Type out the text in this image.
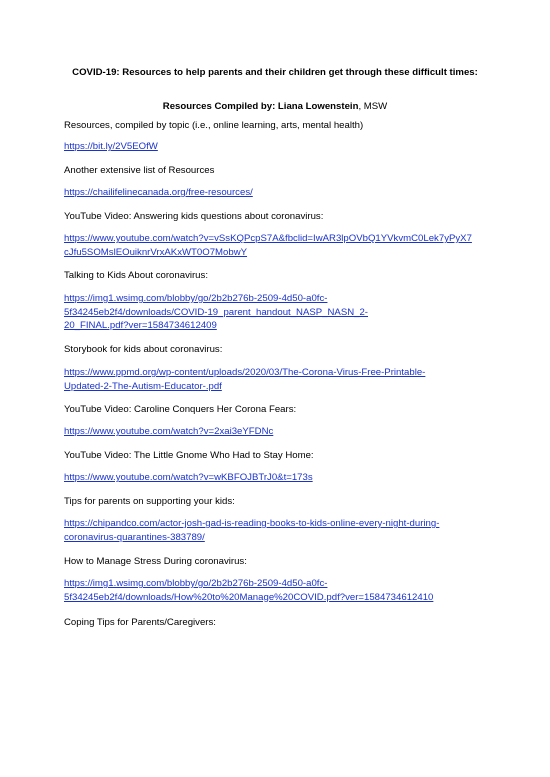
COVID-19: Resources to help parents and their children get through these difficult times:
Resources Compiled by: Liana Lowenstein, MSW
Resources, compiled by topic (i.e., online learning, arts, mental health)
https://bit.ly/2V5EOfW
Another extensive list of Resources
https://chailifelinecanada.org/free-resources/
YouTube Video: Answering kids questions about coronavirus:
https://www.youtube.com/watch?v=vSsKQPcpS7A&fbclid=IwAR3lpOVbQ1YVkvmC0Lek7yPyX7
cJfu5SOMslEOuiknrVrxAKxWT0O7MobwY
Talking to Kids About coronavirus:
https://img1.wsimg.com/blobby/go/2b2b276b-2509-4d50-a0fc-
5f34245eb2f4/downloads/COVID-19_parent_handout_NASP_NASN_2-
20_FINAL.pdf?ver=1584734612409
Storybook for kids about coronavirus:
https://www.ppmd.org/wp-content/uploads/2020/03/The-Corona-Virus-Free-Printable-
Updated-2-The-Autism-Educator-.pdf
YouTube Video: Caroline Conquers Her Corona Fears:
https://www.youtube.com/watch?v=2xai3eYFDNc
YouTube Video: The Little Gnome Who Had to Stay Home:
https://www.youtube.com/watch?v=wKBFOJBTrJ0&t=173s
Tips for parents on supporting your kids:
https://chipandco.com/actor-josh-gad-is-reading-books-to-kids-online-every-night-during-
coronavirus-quarantines-383789/
How to Manage Stress During coronavirus:
https://img1.wsimg.com/blobby/go/2b2b276b-2509-4d50-a0fc-
5f34245eb2f4/downloads/How%20to%20Manage%20COVID.pdf?ver=1584734612410
Coping Tips for Parents/Caregivers:
